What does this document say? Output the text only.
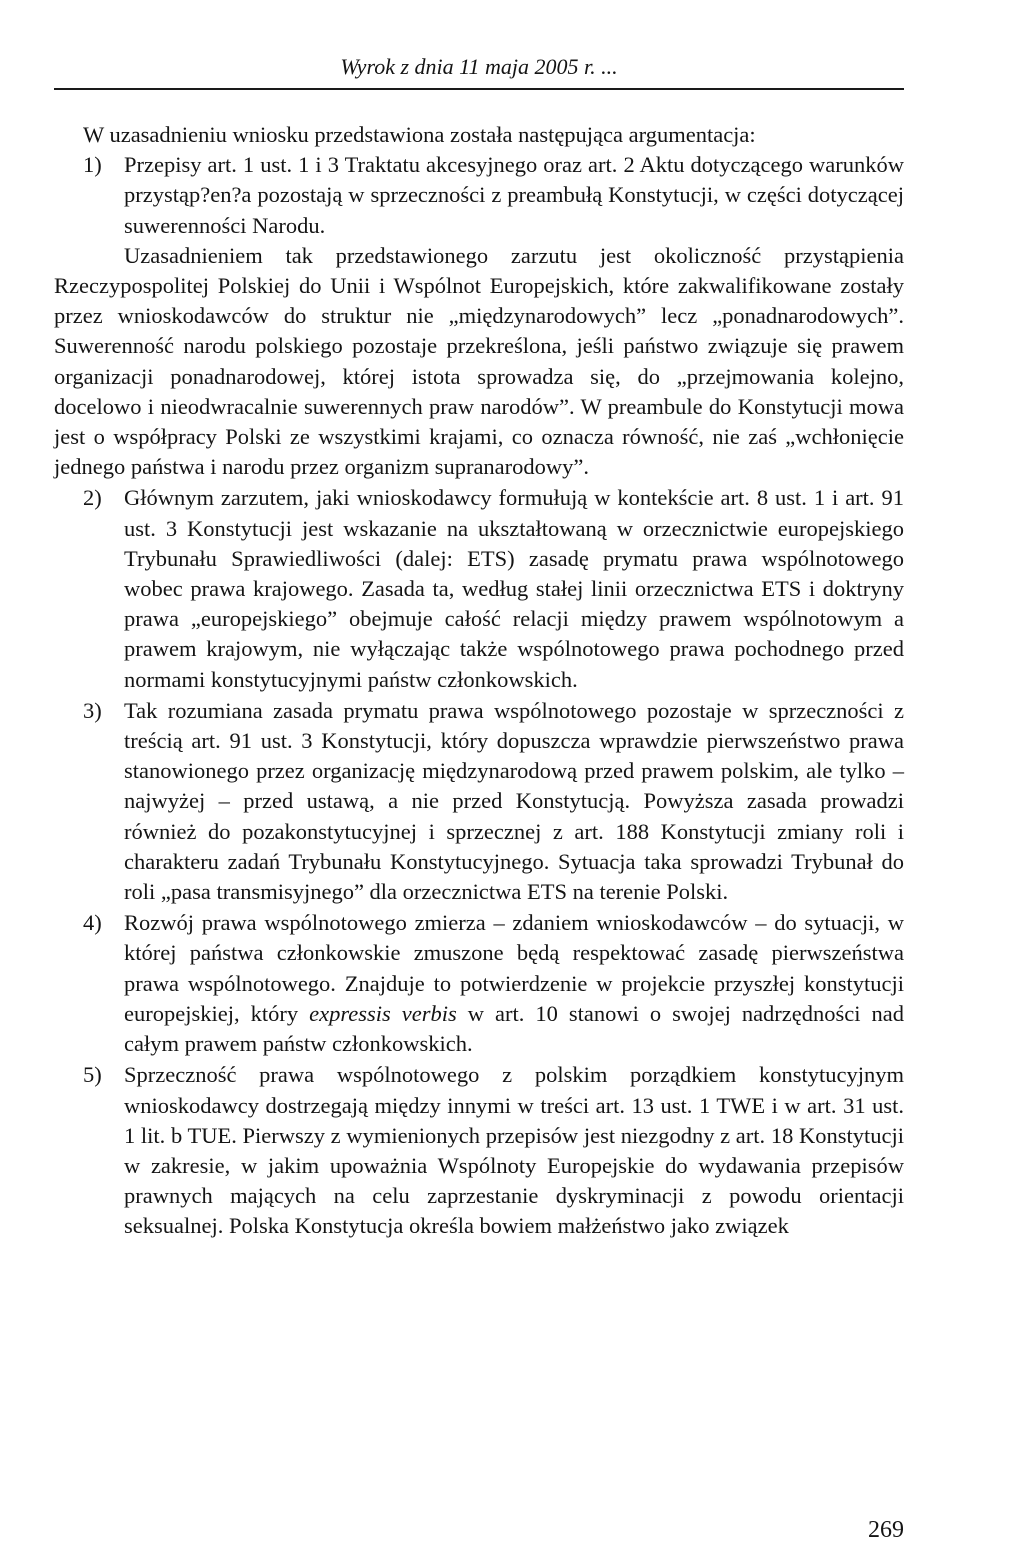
Wyrok z dnia 11 maja 2005 r. ...

W uzasadnieniu wniosku przedstawiona została następująca argumentacja:

1) Przepisy art. 1 ust. 1 i 3 Traktatu akcesyjnego oraz art. 2 Aktu dotyczącego warunków przystąp?en?a pozostają w sprzeczności z preambułą Konstytucji, w części dotyczącej suwerenności Narodu.

Uzasadnieniem tak przedstawionego zarzutu jest okoliczność przystąpienia Rzeczypospolitej Polskiej do Unii i Wspólnot Europejskich, które zakwalifikowane zostały przez wnioskodawców do struktur nie „międzynarodowych” lecz „ponadnarodowych”. Suwerenność narodu polskiego pozostaje przekreślona, jeśli państwo związuje się prawem organizacji ponadnarodowej, której istota sprowadza się, do „przejmowania kolejno, docelowo i nieodwracalnie suwerennych praw narodów”. W preambule do Konstytucji mowa jest o współpracy Polski ze wszystkimi krajami, co oznacza równość, nie zaś „wchłonięcie jednego państwa i narodu przez organizm supranarodowy”.

2) Głównym zarzutem, jaki wnioskodawcy formułują w kontekście art. 8 ust. 1 i art. 91 ust. 3 Konstytucji jest wskazanie na ukształtowaną w orzecznictwie europejskiego Trybunału Sprawiedliwości (dalej: ETS) zasadę prymatu prawa wspólnotowego wobec prawa krajowego. Zasada ta, według stałej linii orzecznictwa ETS i doktryny prawa „europejskiego” obejmuje całość relacji między prawem wspólnotowym a prawem krajowym, nie wyłączając także wspólnotowego prawa pochodnego przed normami konstytucyjnymi państw członkowskich.

3) Tak rozumiana zasada prymatu prawa wspólnotowego pozostaje w sprzeczności z treścią art. 91 ust. 3 Konstytucji, który dopuszcza wprawdzie pierwszeństwo prawa stanowionego przez organizację międzynarodową przed prawem polskim, ale tylko – najwyżej – przed ustawą, a nie przed Konstytucją. Powyższa zasada prowadzi również do pozakonstytucyjnej i sprzecznej z art. 188 Konstytucji zmiany roli i charakteru zadań Trybunału Konstytucyjnego. Sytuacja taka sprowadzi Trybunał do roli „pasa transmisyjnego” dla orzecznictwa ETS na terenie Polski.

4) Rozwój prawa wspólnotowego zmierza – zdaniem wnioskodawców – do sytuacji, w której państwa członkowskie zmuszone będą respektować zasadę pierwszeństwa prawa wspólnotowego. Znajduje to potwierdzenie w projekcie przyszłej konstytucji europejskiej, który expressis verbis w art. 10 stanowi o swojej nadrzędności nad całym prawem państw członkowskich.

5) Sprzeczność prawa wspólnotowego z polskim porządkiem konstytucyjnym wnioskodawcy dostrzegają między innymi w treści art. 13 ust. 1 TWE i w art. 31 ust. 1 lit. b TUE. Pierwszy z wymienionych przepisów jest niezgodny z art. 18 Konstytucji w zakresie, w jakim upoważnia Wspólnoty Europejskie do wydawania przepisów prawnych mających na celu zaprzestanie dyskryminacji z powodu orientacji seksualnej. Polska Konstytucja określa bowiem małżeństwo jako związek

269
